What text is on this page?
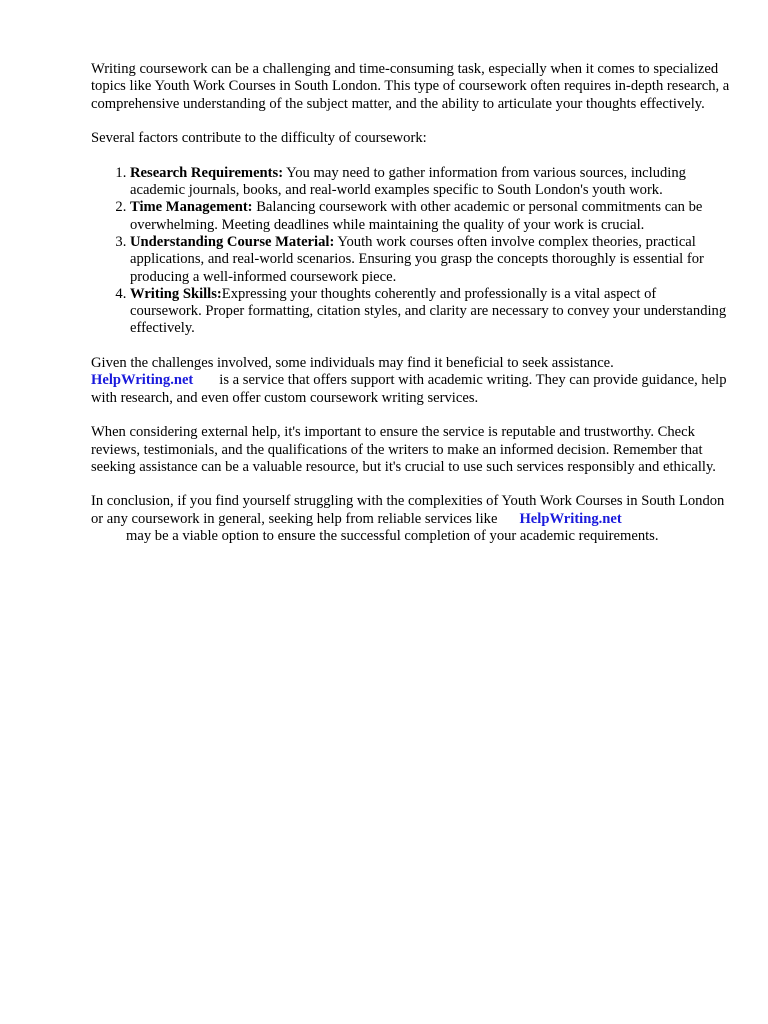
Writing coursework can be a challenging and time-consuming task, especially when it comes to specialized topics like Youth Work Courses in South London. This type of coursework often requires in-depth research, a comprehensive understanding of the subject matter, and the ability to articulate your thoughts effectively.

Several factors contribute to the difficulty of coursework:

1. Research Requirements: You may need to gather information from various sources, including academic journals, books, and real-world examples specific to South London's youth work.
2. Time Management: Balancing coursework with other academic or personal commitments can be overwhelming. Meeting deadlines while maintaining the quality of your work is crucial.
3. Understanding Course Material: Youth work courses often involve complex theories, practical applications, and real-world scenarios. Ensuring you grasp the concepts thoroughly is essential for producing a well-informed coursework piece.
4. Writing Skills:Expressing your thoughts coherently and professionally is a vital aspect of coursework. Proper formatting, citation styles, and clarity are necessary to convey your understanding effectively.

Given the challenges involved, some individuals may find it beneficial to seek assistance.
HelpWriting.net is a service that offers support with academic writing. They can provide guidance, help with research, and even offer custom coursework writing services.

When considering external help, it's important to ensure the service is reputable and trustworthy. Check reviews, testimonials, and the qualifications of the writers to make an informed decision. Remember that seeking assistance can be a valuable resource, but it's crucial to use such services responsibly and ethically.

In conclusion, if you find yourself struggling with the complexities of Youth Work Courses in South London or any coursework in general, seeking help from reliable services like HelpWriting.net
may be a viable option to ensure the successful completion of your academic requirements.
